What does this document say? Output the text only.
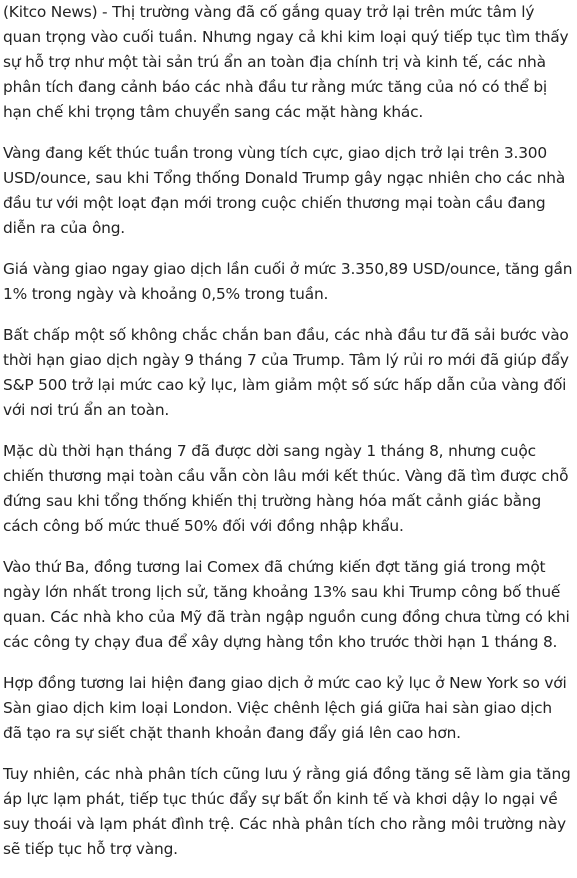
(Kitco News) - Thị trường vàng đã cố gắng quay trở lại trên mức tâm lý quan trọng vào cuối tuần. Nhưng ngay cả khi kim loại quý tiếp tục tìm thấy sự hỗ trợ như một tài sản trú ẩn an toàn địa chính trị và kinh tế, các nhà phân tích đang cảnh báo các nhà đầu tư rằng mức tăng của nó có thể bị hạn chế khi trọng tâm chuyển sang các mặt hàng khác.

Vàng đang kết thúc tuần trong vùng tích cực, giao dịch trở lại trên 3.300 USD/ounce, sau khi Tổng thống Donald Trump gây ngạc nhiên cho các nhà đầu tư với một loạt đạn mới trong cuộc chiến thương mại toàn cầu đang diễn ra của ông.

Giá vàng giao ngay giao dịch lần cuối ở mức 3.350,89 USD/ounce, tăng gần 1% trong ngày và khoảng 0,5% trong tuần.

Bất chấp một số không chắc chắn ban đầu, các nhà đầu tư đã sải bước vào thời hạn giao dịch ngày 9 tháng 7 của Trump. Tâm lý rủi ro mới đã giúp đẩy S&P 500 trở lại mức cao kỷ lục, làm giảm một số sức hấp dẫn của vàng đối với nơi trú ẩn an toàn.

Mặc dù thời hạn tháng 7 đã được dời sang ngày 1 tháng 8, nhưng cuộc chiến thương mại toàn cầu vẫn còn lâu mới kết thúc. Vàng đã tìm được chỗ đứng sau khi tổng thống khiến thị trường hàng hóa mất cảnh giác bằng cách công bố mức thuế 50% đối với đồng nhập khẩu.

Vào thứ Ba, đồng tương lai Comex đã chứng kiến đợt tăng giá trong một ngày lớn nhất trong lịch sử, tăng khoảng 13% sau khi Trump công bố thuế quan. Các nhà kho của Mỹ đã tràn ngập nguồn cung đồng chưa từng có khi các công ty chạy đua để xây dựng hàng tồn kho trước thời hạn 1 tháng 8.

Hợp đồng tương lai hiện đang giao dịch ở mức cao kỷ lục ở New York so với Sàn giao dịch kim loại London. Việc chênh lệch giá giữa hai sàn giao dịch đã tạo ra sự siết chặt thanh khoản đang đẩy giá lên cao hơn.

Tuy nhiên, các nhà phân tích cũng lưu ý rằng giá đồng tăng sẽ làm gia tăng áp lực lạm phát, tiếp tục thúc đẩy sự bất ổn kinh tế và khơi dậy lo ngại về suy thoái và lạm phát đình trệ. Các nhà phân tích cho rằng môi trường này sẽ tiếp tục hỗ trợ vàng.
